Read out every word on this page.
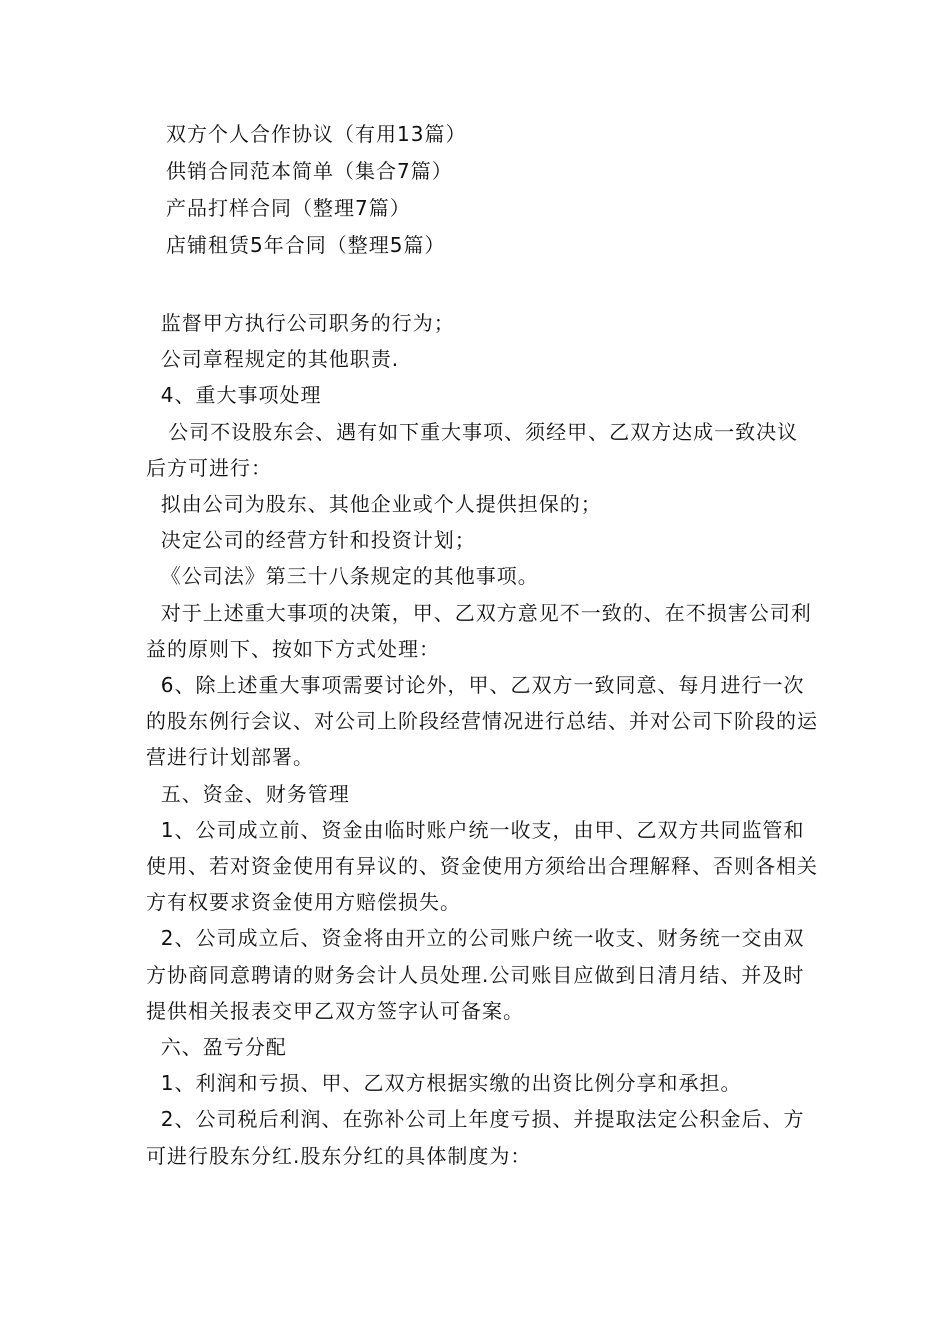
双方个人合作协议（有用13篇）
供销合同范本简单（集合7篇）
产品打样合同（整理7篇）
店铺租赁5年合同（整理5篇）

监督甲方执行公司职务的行为；

公司章程规定的其他职责.

4、重大事项处理

公司不设股东会、遇有如下重大事项、须经甲、乙双方达成一致决议后方可进行：

拟由公司为股东、其他企业或个人提供担保的；

决定公司的经营方针和投资计划；

《公司法》第三十八条规定的其他事项。

对于上述重大事项的决策，甲、乙双方意见不一致的、在不损害公司利益的原则下、按如下方式处理：

6、除上述重大事项需要讨论外，甲、乙双方一致同意、每月进行一次的股东例行会议、对公司上阶段经营情况进行总结、并对公司下阶段的运营进行计划部署。

五、资金、财务管理

1、公司成立前、资金由临时账户统一收支，由甲、乙双方共同监管和使用、若对资金使用有异议的、资金使用方须给出合理解释、否则各相关方有权要求资金使用方赔偿损失。

2、公司成立后、资金将由开立的公司账户统一收支、财务统一交由双方协商同意聘请的财务会计人员处理.公司账目应做到日清月结、并及时提供相关报表交甲乙双方签字认可备案。

六、盈亏分配

1、利润和亏损、甲、乙双方根据实缴的出资比例分享和承担。

2、公司税后利润、在弥补公司上年度亏损、并提取法定公积金后、方可进行股东分红.股东分红的具体制度为：
